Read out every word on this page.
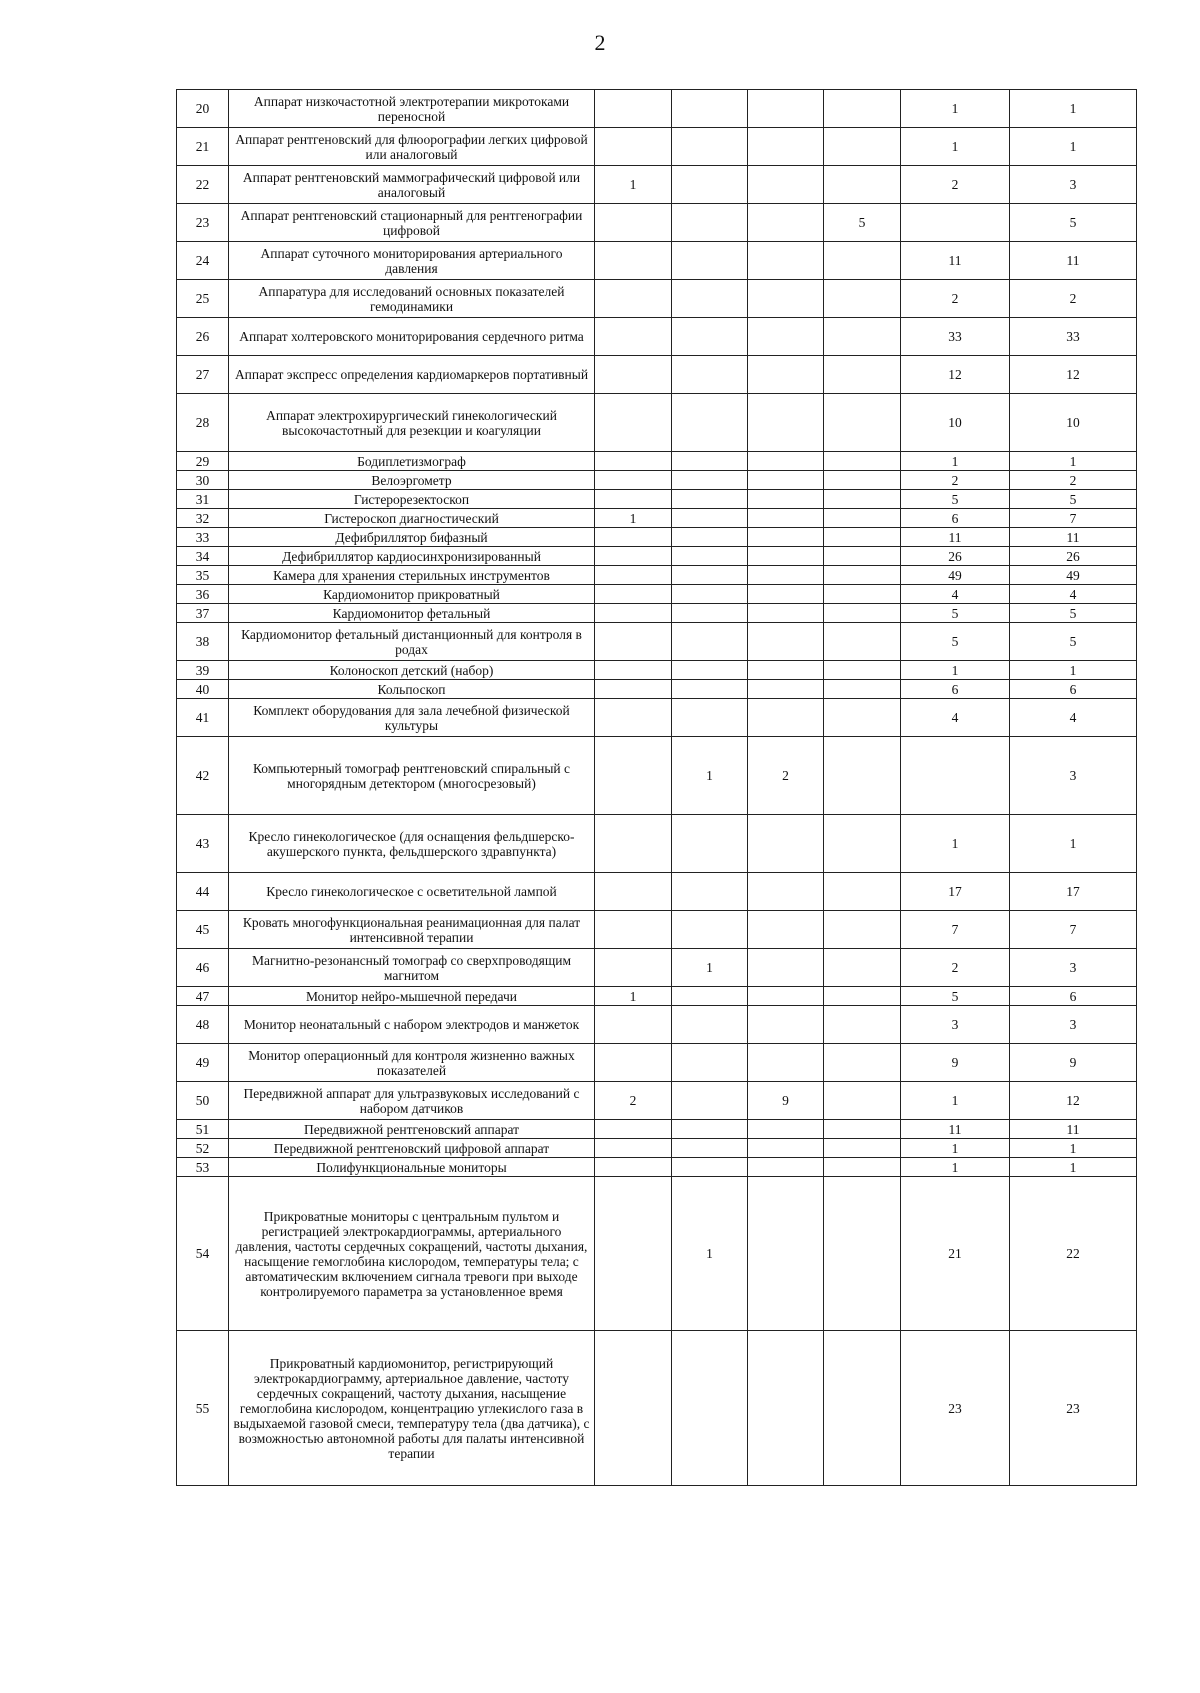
2
20	Аппарат низкочастотной электротерапии микротоками переносной					1	1
21	Аппарат рентгеновский для флюорографии легких цифровой или аналоговый					1	1
22	Аппарат рентгеновский маммографический цифровой или аналоговый	1				2	3
23	Аппарат рентгеновский стационарный для рентгенографии цифровой				5		5
24	Аппарат суточного мониторирования артериального давления					11	11
25	Аппаратура для исследований основных показателей гемодинамики					2	2
26	Аппарат холтеровского мониторирования сердечного ритма					33	33
27	Аппарат экспресс определения кардиомаркеров портативный					12	12
28	Аппарат электрохирургический гинекологический высокочастотный для резекции и коагуляции					10	10
29	Бодиплетизмограф					1	1
30	Велоэргометр					2	2
31	Гистерорезектоскоп					5	5
32	Гистероскоп диагностический	1				6	7
33	Дефибриллятор бифазный					11	11
34	Дефибриллятор кардиосинхронизированный					26	26
35	Камера для хранения стерильных инструментов					49	49
36	Кардиомонитор прикроватный					4	4
37	Кардиомонитор фетальный					5	5
38	Кардиомонитор фетальный дистанционный для контроля в родах					5	5
39	Колоноскоп детский (набор)					1	1
40	Кольпоскоп					6	6
41	Комплект оборудования для зала лечебной физической культуры					4	4
42	Компьютерный томограф рентгеновский спиральный с многорядным детектором (многосрезовый)		1	2			3
43	Кресло гинекологическое (для оснащения фельдшерско-акушерского пункта, фельдшерского здравпункта)					1	1
44	Кресло гинекологическое с осветительной лампой					17	17
45	Кровать многофункциональная реанимационная для палат интенсивной терапии					7	7
46	Магнитно-резонансный томограф со сверхпроводящим магнитом		1			2	3
47	Монитор нейро-мышечной передачи	1				5	6
48	Монитор неонатальный с набором электродов и манжеток					3	3
49	Монитор операционный для контроля жизненно важных показателей					9	9
50	Передвижной аппарат для ультразвуковых исследований с набором датчиков	2		9		1	12
51	Передвижной рентгеновский аппарат					11	11
52	Передвижной рентгеновский цифровой аппарат					1	1
53	Полифункциональные мониторы					1	1
54	Прикроватные мониторы с центральным пультом и регистрацией электрокардиограммы, артериального давления, частоты сердечных сокращений, частоты дыхания, насыщение гемоглобина кислородом, температуры тела; с автоматическим включением сигнала тревоги при выходе контролируемого параметра за установленное время		1			21	22
55	Прикроватный кардиомонитор, регистрирующий электрокардиограмму, артериальное давление, частоту сердечных сокращений, частоту дыхания, насыщение гемоглобина кислородом, концентрацию углекислого газа в выдыхаемой газовой смеси, температуру тела (два датчика), с возможностью автономной работы для палаты интенсивной терапии					23	23
